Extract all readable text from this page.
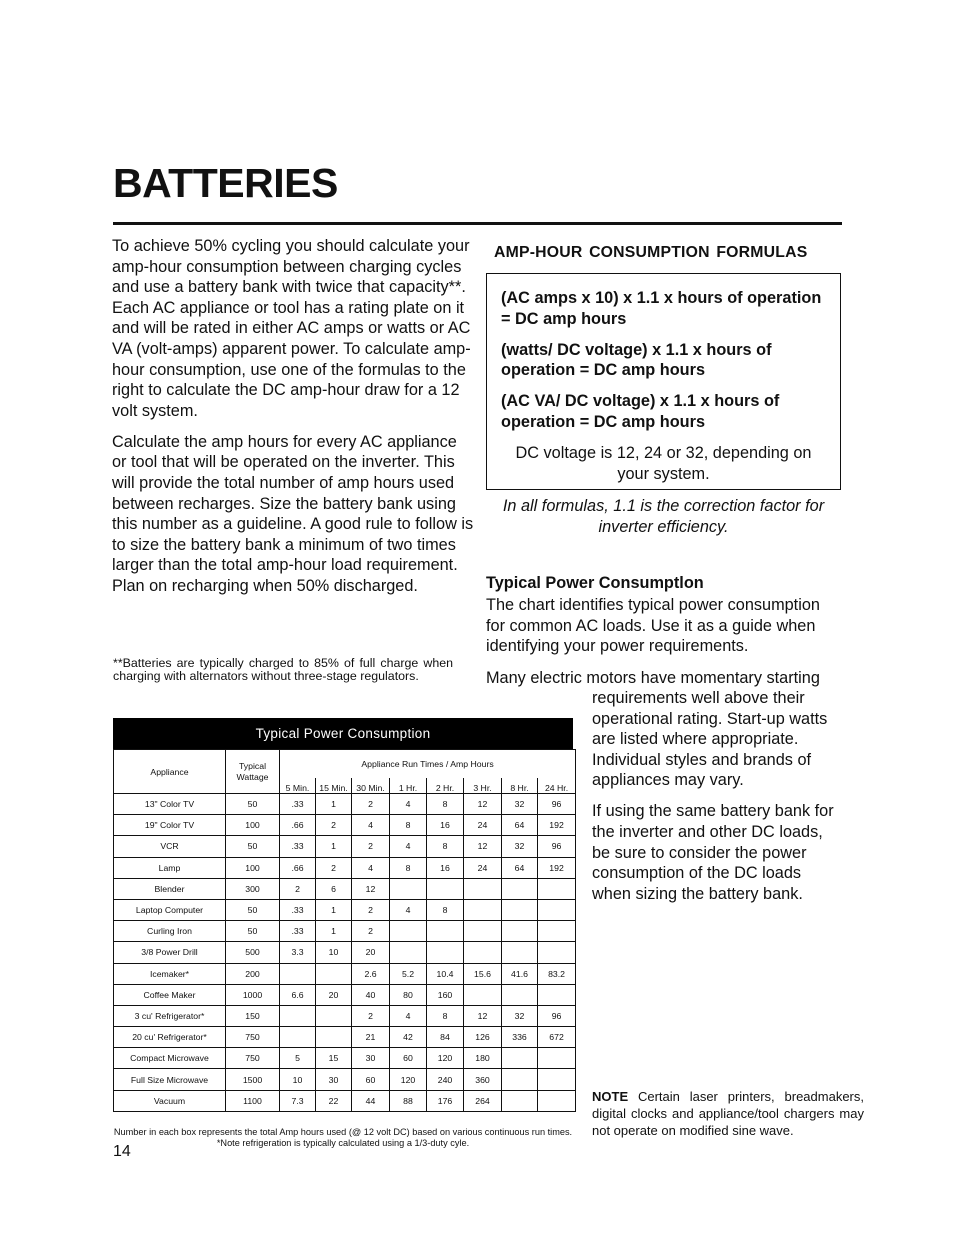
BATTERIES

To achieve 50% cycling you should calculate your amp-hour consumption between charging cycles and use a battery bank with twice that capacity**. Each AC appliance or tool has a rating plate on it and will be rated in either AC amps or watts or AC VA (volt-amps) apparent power. To calculate amp-hour consumption, use one of the formulas to the right to calculate the DC amp-hour draw for a 12 volt system.

Calculate the amp hours for every AC appliance or tool that will be operated on the inverter. This will provide the total number of amp hours used between recharges. Size the battery bank using this number as a guideline. A good rule to follow is to size the battery bank a minimum of two times larger than the total amp-hour load requirement. Plan on recharging when 50% discharged.

**Batteries are typically charged to 85% of full charge when charging with alternators without three-stage regulators.
AMP-HOUR CONSUMPTION FORMULAS

(AC amps x 10) x 1.1 x hours of operation = DC amp hours

(watts/ DC voltage) x 1.1 x hours of operation = DC amp hours

(AC VA/ DC voltage) x 1.1 x hours of operation = DC amp hours

DC voltage is 12, 24 or 32, depending on your system.

In all formulas, 1.1 is the correction factor for inverter efficiency.
Typical Power Consumptlon

The chart identifies typical power consumption for common AC loads. Use it as a guide when identifying your power requirements.

Many electric motors have momentary starting

requirements well above their operational rating. Start-up watts are listed where appropriate. Individual styles and brands of appliances may vary.

If using the same battery bank for the inverter and other DC loads, be sure to consider the power consumption of the DC loads when sizing the battery bank.

NOTE Certain laser printers, breadmakers, digital clocks and appliance/tool chargers may not operate on modified sine wave.
Typical Power Consumption
Appliance	Typical Wattage	Appliance Run Times / Amp Hours							
		5 Min.	15 Min.	30 Min.	1 Hr.	2 Hr.	3 Hr.	8 Hr.	24 Hr.
13" Color TV	50	.33	1	2	4	8	12	32	96
19" Color TV	100	.66	2	4	8	16	24	64	192
VCR	50	.33	1	2	4	8	12	32	96
Lamp	100	.66	2	4	8	16	24	64	192
Blender	300	2	6	12					
Laptop Computer	50	.33	1	2	4	8			
Curling Iron	50	.33	1	2					
3/8 Power Drill	500	3.3	10	20					
Icemaker*	200			2.6	5.2	10.4	15.6	41.6	83.2
Coffee Maker	1000	6.6	20	40	80	160			
3 cu' Refrigerator*	150			2	4	8	12	32	96
20 cu' Refrigerator*	750			21	42	84	126	336	672
Compact Microwave	750	5	15	30	60	120	180		
Full Size Microwave	1500	10	30	60	120	240	360		
Vacuum	1100	7.3	22	44	88	176	264		
Number in each box represents the total Amp hours used (@ 12 volt DC) based on various continuous run times.
*Note refrigeration is typically calculated using a 1/3-duty cyle.
14
